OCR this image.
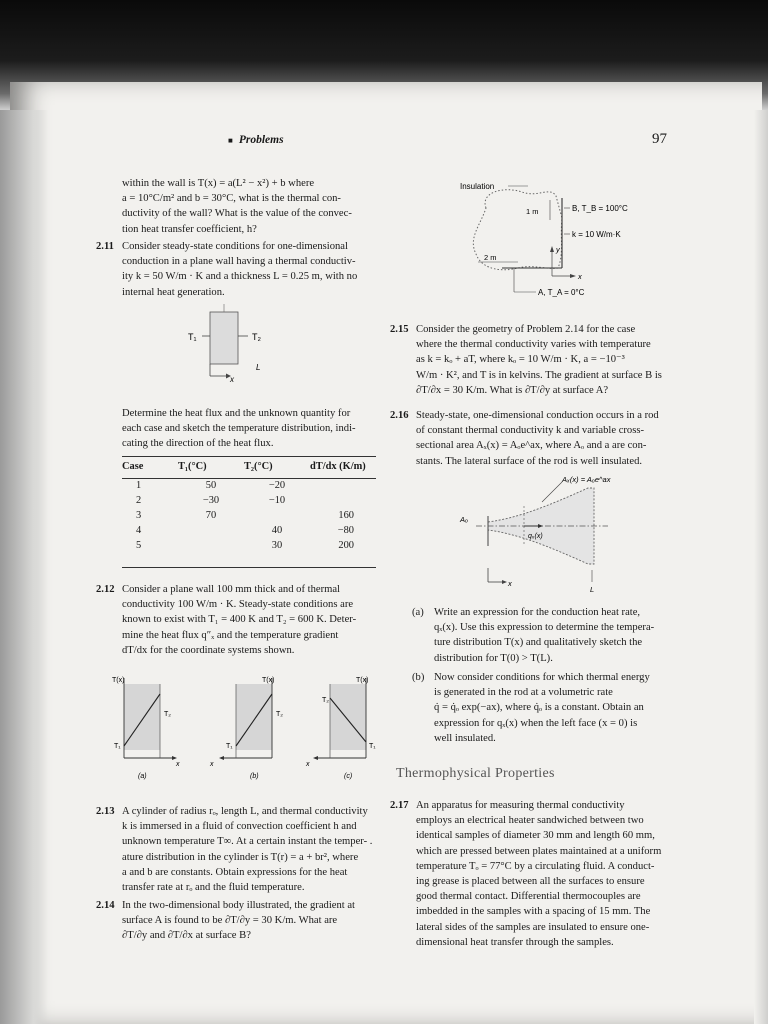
■ Problems	97

within the wall is T(x) = a(L² − x²) + b where

a = 10°C/m² and b = 30°C, what is the thermal con-

ductivity of the wall? What is the value of the convec-

tion heat transfer coefficient, h?

2.11 Consider steady-state conditions for one-dimensional

conduction in a plane wall having a thermal conductiv-

ity k = 50 W/m · K and a thickness L = 0.25 m, with no

internal heat generation.

T₁	T₂
x
L

Determine the heat flux and the unknown quantity for

each case and sketch the temperature distribution, indi-

cating the direction of the heat flux.

Case	T₁(°C)	T₂(°C)	dT/dx (K/m)

1	50	−20	
2	−30	−10	
3	70		160
4		40	−80
5		30	200
2.12 Consider a plane wall 100 mm thick and of thermal

conductivity 100 W/m · K. Steady-state conditions are

known to exist with T₁ = 400 K and T₂ = 600 K. Deter-

mine the heat flux q″ₓ and the temperature gradient

dT/dx for the coordinate systems shown.

T(x)
T₂
T₁
x
(a)
T(x)
T₂
T₁
x
(b)
T(x)
T₂
T₁
x
(c)
2.13 A cylinder of radius rₒ, length L, and thermal conductivity

k is immersed in a fluid of convection coefficient h and

unknown temperature T∞. At a certain instant the temper- .

ature distribution in the cylinder is T(r) = a + br², where

a and b are constants. Obtain expressions for the heat

transfer rate at rₒ and the fluid temperature.

2.14 In the two-dimensional body illustrated, the gradient at

surface A is found to be ∂T/∂y = 30 K/m. What are

∂T/∂y and ∂T/∂x at surface B?

Insulation
1 m	B, T_B = 100°C
k = 10 W/m·K
2 m
y
x
A, T_A = 0°C
2.15 Consider the geometry of Problem 2.14 for the case

where the thermal conductivity varies with temperature

as k = kₒ + aT, where kₒ = 10 W/m · K, a = −10⁻³

W/m · K², and T is in kelvins. The gradient at surface B is

∂T/∂x = 30 K/m. What is ∂T/∂y at surface A?

2.16 Steady-state, one-dimensional conduction occurs in a rod

of constant thermal conductivity k and variable cross-

sectional area Aₓ(x) = Aₒe^ax, where Aₒ and a are con-

stants. The lateral surface of the rod is well insulated.

Aₓ(x) = Aₒe^ax
Aₒ
qₓ(x)
x
L
(a) Write an expression for the conduction heat rate,

qₓ(x). Use this expression to determine the tempera-

ture distribution T(x) and qualitatively sketch the

distribution for T(0) > T(L).

(b) Now consider conditions for which thermal energy

is generated in the rod at a volumetric rate

q̇ = q̇ₒ exp(−ax), where q̇ₒ is a constant. Obtain an

expression for qₓ(x) when the left face (x = 0) is

well insulated.

Thermophysical Properties
2.17 An apparatus for measuring thermal conductivity

employs an electrical heater sandwiched between two

identical samples of diameter 30 mm and length 60 mm,

which are pressed between plates maintained at a uniform

temperature Tₒ = 77°C by a circulating fluid. A conduct-

ing grease is placed between all the surfaces to ensure

good thermal contact. Differential thermocouples are

imbedded in the samples with a spacing of 15 mm. The

lateral sides of the samples are insulated to ensure one-

dimensional heat transfer through the samples.
